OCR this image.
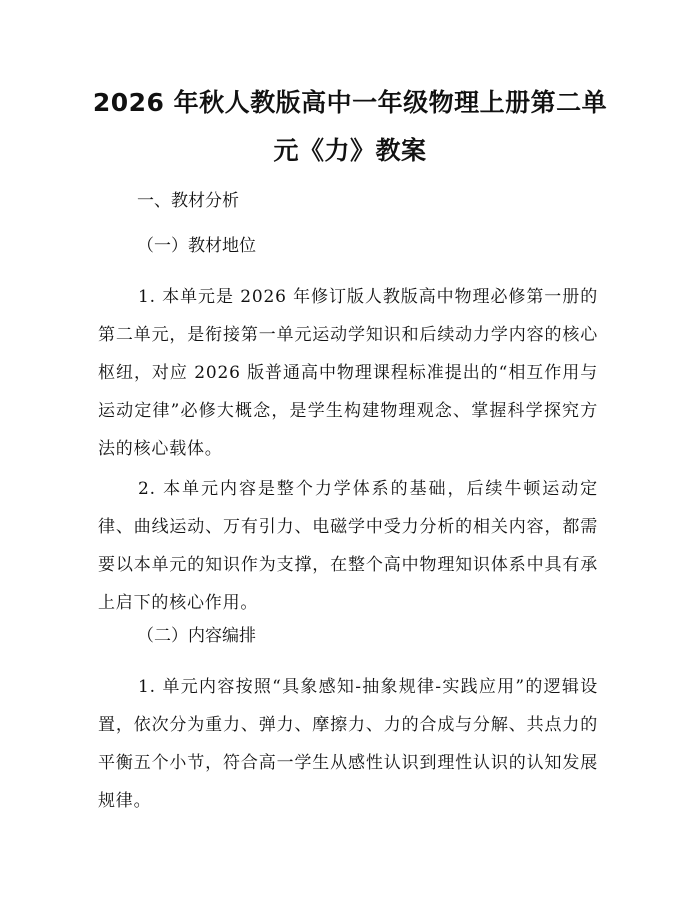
2026 年秋人教版高中一年级物理上册第二单
元《力》教案

一、教材分析

（一）教材地位

1. 本单元是 2026 年修订版人教版高中物理必修第一册的第二单元，是衔接第一单元运动学知识和后续动力学内容的核心枢纽，对应 2026 版普通高中物理课程标准提出的“相互作用与运动定律”必修大概念，是学生构建物理观念、掌握科学探究方法的核心载体。

2. 本单元内容是整个力学体系的基础，后续牛顿运动定律、曲线运动、万有引力、电磁学中受力分析的相关内容，都需要以本单元的知识作为支撑，在整个高中物理知识体系中具有承上启下的核心作用。

（二）内容编排

1. 单元内容按照“具象感知-抽象规律-实践应用”的逻辑设置，依次分为重力、弹力、摩擦力、力的合成与分解、共点力的平衡五个小节，符合高一学生从感性认识到理性认识的认知发展规律。
